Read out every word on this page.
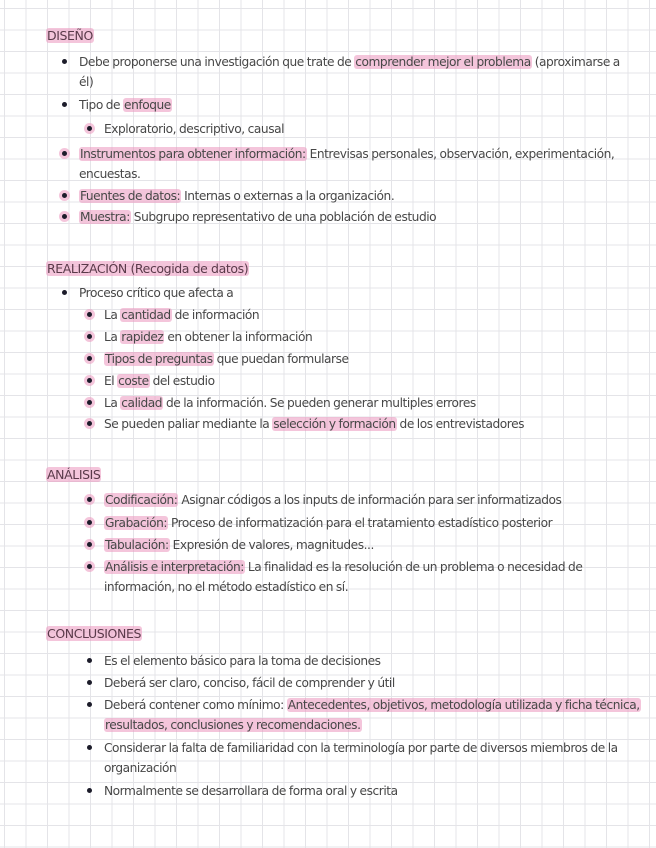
DISEÑO
Debe proponerse una investigación que trate de comprender mejor el problema (aproximarse a
él)
Tipo de enfoque
Exploratorio, descriptivo, causal
Instrumentos para obtener información: Entrevisas personales, observación, experimentación,
encuestas.
Fuentes de datos: Internas o externas a la organización.
Muestra: Subgrupo representativo de una población de estudio
REALIZACIÓN (Recogida de datos)
Proceso crítico que afecta a
La cantidad de información
La rapidez en obtener la información
Tipos de preguntas que puedan formularse
El coste del estudio
La calidad de la información. Se pueden generar multiples errores
Se pueden paliar mediante la selección y formación de los entrevistadores
ANÁLISIS
Codificación: Asignar códigos a los inputs de información para ser informatizados
Grabación: Proceso de informatización para el tratamiento estadístico posterior
Tabulación: Expresión de valores, magnitudes...
Análisis e interpretación: La finalidad es la resolución de un problema o necesidad de
información, no el método estadístico en sí.
CONCLUSIONES
Es el elemento básico para la toma de decisiones
Deberá ser claro, conciso, fácil de comprender y útil
Deberá contener como mínimo: Antecedentes, objetivos, metodología utilizada y ficha técnica,
resultados, conclusiones y recomendaciones.
Considerar la falta de familiaridad con la terminología por parte de diversos miembros de la
organización
Normalmente se desarrollara de forma oral y escrita
